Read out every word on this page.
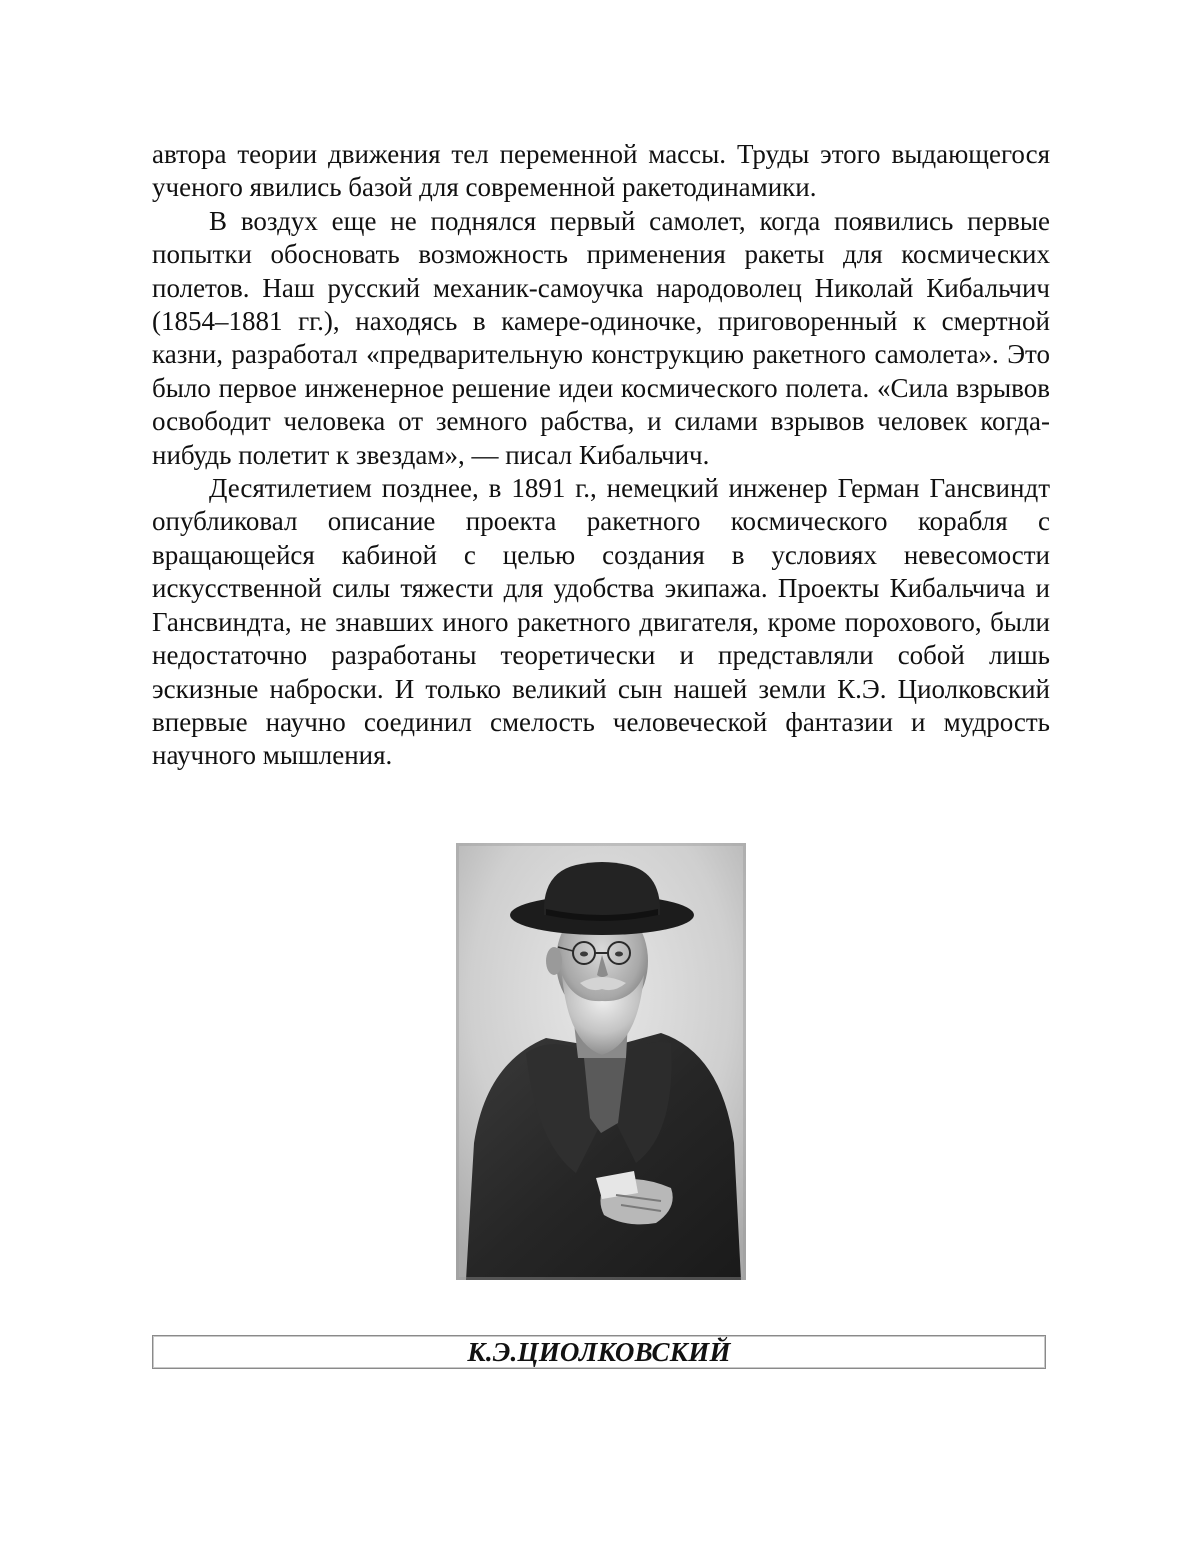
автора теории движения тел переменной массы. Труды этого выдающегося ученого явились базой для современной ракетодинамики.

В воздух еще не поднялся первый самолет, когда появились первые попытки обосновать возможность применения ракеты для космических полетов. Наш русский механик-самоучка народоволец Николай Кибальчич (1854–1881 гг.), находясь в камере-одиночке, приговоренный к смертной казни, разработал «предварительную конструкцию ракетного самолета». Это было первое инженерное решение идеи космического полета. «Сила взрывов освободит человека от земного рабства, и силами взрывов человек когда-нибудь полетит к звездам», — писал Кибальчич.

Десятилетием позднее, в 1891 г., немецкий инженер Герман Гансвиндт опубликовал описание проекта ракетного космического корабля с вращающейся кабиной с целью создания в условиях невесомости искусственной силы тяжести для удобства экипажа. Проекты Кибальчича и Гансвиндта, не знавших иного ракетного двигателя, кроме порохового, были недостаточно разработаны теоретически и представляли собой лишь эскизные наброски. И только великий сын нашей земли К.Э. Циолковский впервые научно соединил смелость человеческой фантазии и мудрость научного мышления.

К.Э.ЦИОЛКОВСКИЙ
